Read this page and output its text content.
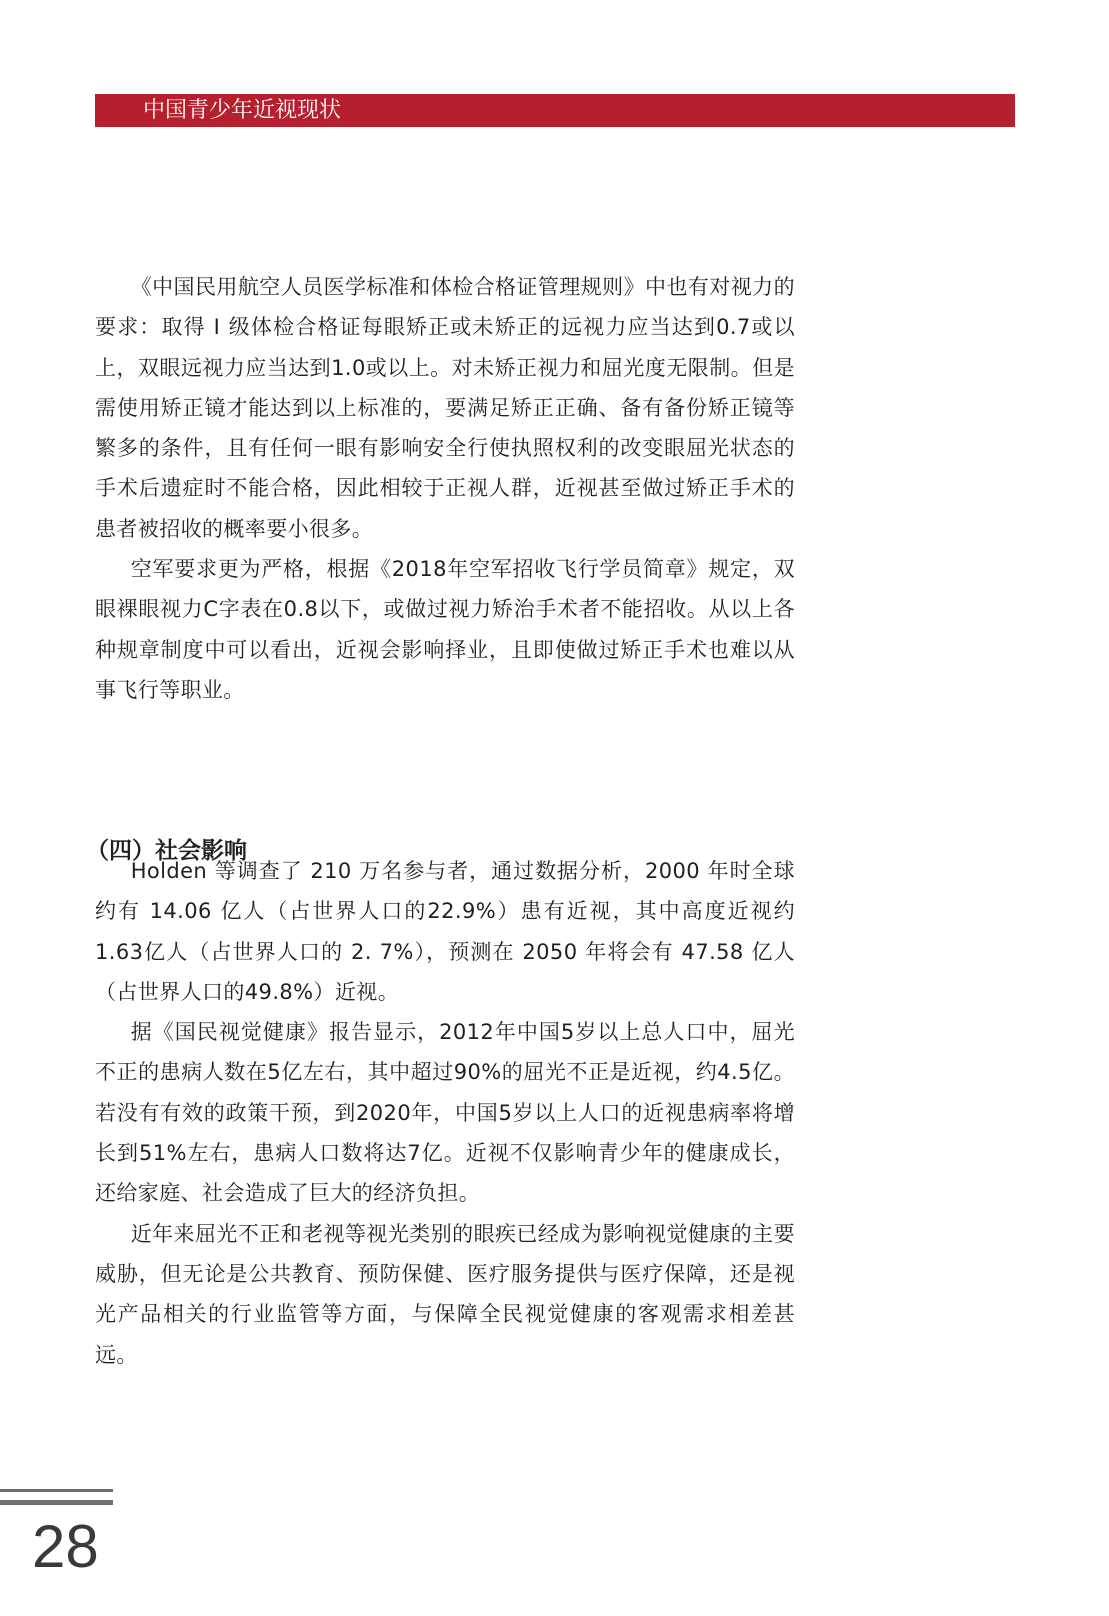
中国青少年近视现状

《中国民用航空人员医学标准和体检合格证管理规则》中也有对视力的要求：取得 Ⅰ 级体检合格证每眼矫正或未矫正的远视力应当达到0.7或以上，双眼远视力应当达到1.0或以上。对未矫正视力和屈光度无限制。但是需使用矫正镜才能达到以上标准的，要满足矫正正确、备有备份矫正镜等繁多的条件，且有任何一眼有影响安全行使执照权利的改变眼屈光状态的手术后遗症时不能合格，因此相较于正视人群，近视甚至做过矫正手术的患者被招收的概率要小很多。

空军要求更为严格，根据《2018年空军招收飞行学员简章》规定，双眼裸眼视力C字表在0.8以下，或做过视力矫治手术者不能招收。从以上各种规章制度中可以看出，近视会影响择业，且即使做过矫正手术也难以从事飞行等职业。

（四）社会影响

Holden 等调查了 210 万名参与者，通过数据分析，2000 年时全球约有 14.06 亿人（占世界人口的22.9%）患有近视，其中高度近视约1.63亿人（占世界人口的 2. 7%），预测在 2050 年将会有 47.58 亿人（占世界人口的49.8%）近视。

据《国民视觉健康》报告显示，2012年中国5岁以上总人口中，屈光不正的患病人数在5亿左右，其中超过90%的屈光不正是近视，约4.5亿。若没有有效的政策干预，到2020年，中国5岁以上人口的近视患病率将增长到51%左右，患病人口数将达7亿。近视不仅影响青少年的健康成长，还给家庭、社会造成了巨大的经济负担。

近年来屈光不正和老视等视光类别的眼疾已经成为影响视觉健康的主要威胁，但无论是公共教育、预防保健、医疗服务提供与医疗保障，还是视光产品相关的行业监管等方面，与保障全民视觉健康的客观需求相差甚远。

28
